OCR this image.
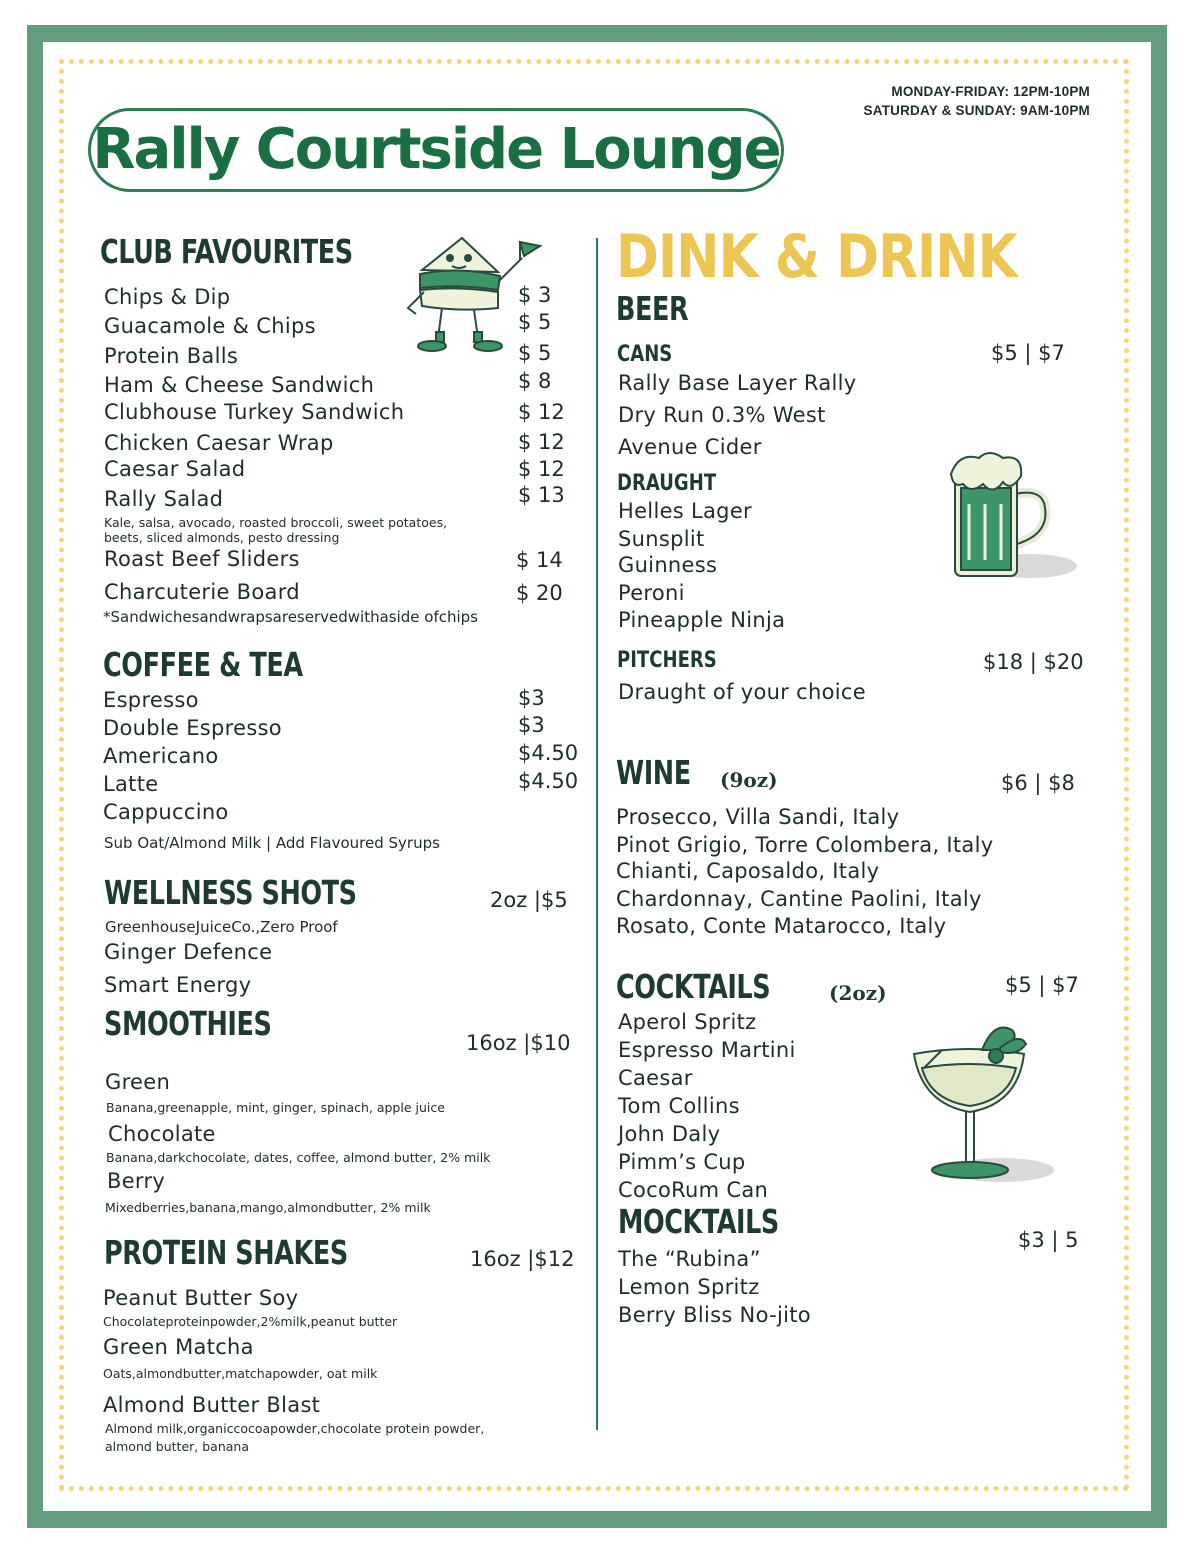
MONDAY-FRIDAY: 12PM-10PM
SATURDAY & SUNDAY: 9AM-10PM
Rally Courtside Lounge
CLUB FAVOURITES
Chips & Dip	$ 3
Guacamole & Chips	$ 5
Protein Balls	$ 5
Ham & Cheese Sandwich	$ 8
Clubhouse Turkey Sandwich	$ 12
Chicken Caesar Wrap	$ 12
Caesar Salad	$ 12
Rally Salad	$ 13
Kale, salsa, avocado, roasted broccoli, sweet potatoes,
beets, sliced almonds, pesto dressing
Roast Beef Sliders	$ 14
Charcuterie Board	$ 20
*Sandwichesandwrapsareservedwithaside ofchips
COFFEE & TEA
Espresso	$3
Double Espresso	$3
Americano	$4.50
Latte	$4.50
Cappuccino
Sub Oat/Almond Milk | Add Flavoured Syrups
WELLNESS SHOTS	2oz |$5
GreenhouseJuiceCo.,Zero Proof
Ginger Defence
Smart Energy
SMOOTHIES	16oz |$10
Green
Banana,greenapple, mint, ginger, spinach, apple juice
Chocolate
Banana,darkchocolate, dates, coffee, almond butter, 2% milk
Berry
Mixedberries,banana,mango,almondbutter, 2% milk
PROTEIN SHAKES	16oz |$12
Peanut Butter Soy
Chocolateproteinpowder,2%milk,peanut butter
Green Matcha
Oats,almondbutter,matchapowder, oat milk
Almond Butter Blast
Almond milk,organiccocoapowder,chocolate protein powder,
almond butter, banana
DINK & DRINK
BEER
CANS	$5 | $7
Rally Base Layer Rally
Dry Run 0.3% West
Avenue Cider
DRAUGHT
Helles Lager
Sunsplit
Guinness
Peroni
Pineapple Ninja
PITCHERS	$18 | $20
Draught of your choice
WINE (9oz)	$6 | $8
Prosecco, Villa Sandi, Italy
Pinot Grigio, Torre Colombera, Italy
Chianti, Caposaldo, Italy
Chardonnay, Cantine Paolini, Italy
Rosato, Conte Matarocco, Italy
COCKTAILS	(2oz)	$5 | $7
Aperol Spritz
Espresso Martini
Caesar
Tom Collins
John Daly
Pimm’s Cup
CocoRum Can
MOCKTAILS	$3 | 5
The “Rubina”
Lemon Spritz
Berry Bliss No-jito
